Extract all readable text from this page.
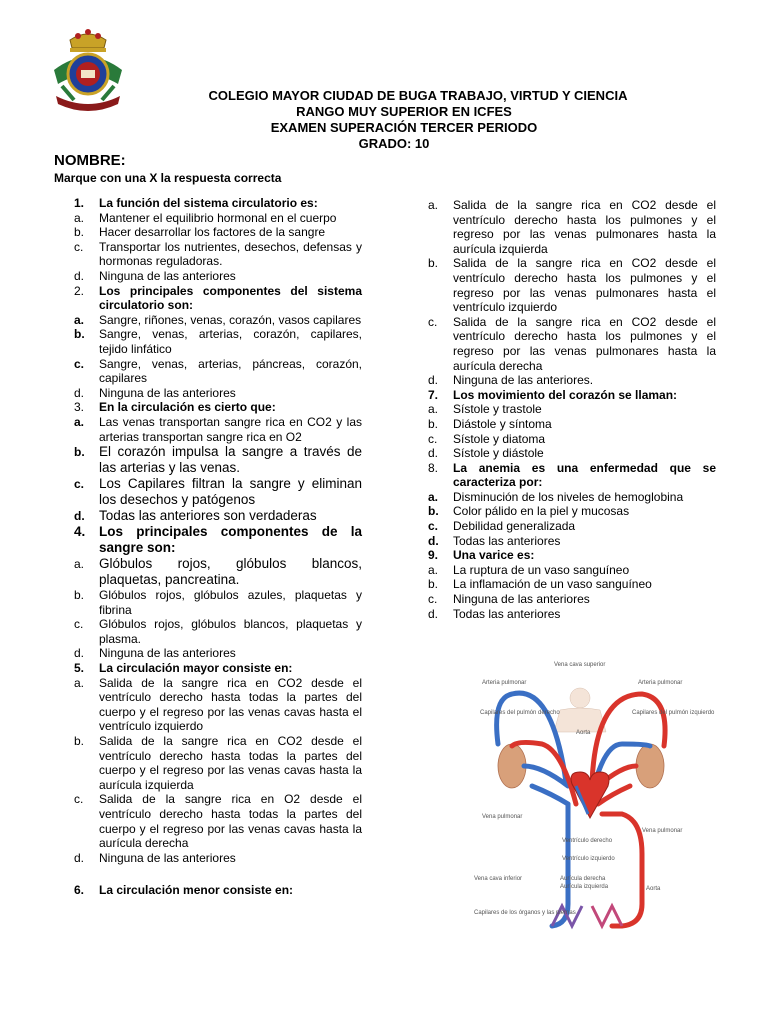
COLEGIO MAYOR CIUDAD DE BUGA TRABAJO, VIRTUD Y CIENCIA
RANGO MUY SUPERIOR EN ICFES
EXAMEN SUPERACIÓN TERCER PERIODO
GRADO: 10
NOMBRE:
Marque con una X la respuesta correcta
1. La función del sistema circulatorio es:
a. Mantener el equilibrio hormonal en el cuerpo
b. Hacer desarrollar los factores de la sangre
c. Transportar los nutrientes, desechos, defensas y hormonas reguladoras.
d. Ninguna de las anteriores
2. Los principales componentes del sistema circulatorio son:
a. Sangre, riñones, venas, corazón, vasos capilares
b. Sangre, venas, arterias, corazón, capilares, tejido linfático
c. Sangre, venas, arterias, páncreas, corazón, capilares
d. Ninguna de las anteriores
3. En la circulación es cierto que:
a. Las venas transportan sangre rica en CO2 y las arterias transportan sangre rica en O2
b. El corazón impulsa la sangre a través de las arterias y las venas.
c. Los Capilares filtran la sangre y eliminan los desechos y patógenos
d. Todas las anteriores son verdaderas
4. Los principales componentes de la sangre son:
a. Glóbulos rojos, glóbulos blancos, plaquetas, pancreatina.
b. Glóbulos rojos, glóbulos azules, plaquetas y fibrina
c. Glóbulos rojos, glóbulos blancos, plaquetas y plasma.
d. Ninguna de las anteriores
5. La circulación mayor consiste en:
a. Salida de la sangre rica en CO2 desde el ventrículo derecho hasta todas la partes del cuerpo y el regreso por las venas cavas hasta el ventrículo izquierdo
b. Salida de la sangre rica en CO2 desde el ventrículo derecho hasta todas la partes del cuerpo y el regreso por las venas cavas hasta la aurícula izquierda
c. Salida de la sangre rica en O2 desde el ventrículo derecho hasta todas la partes del cuerpo y el regreso por las venas cavas hasta la aurícula derecha
d. Ninguna de las anteriores
6. La circulación menor consiste en:
a. Salida de la sangre rica en CO2 desde el ventrículo derecho hasta los pulmones y el regreso por las venas pulmonares hasta la aurícula izquierda
b. Salida de la sangre rica en CO2 desde el ventrículo derecho hasta los pulmones y el regreso por las venas pulmonares hasta el ventrículo izquierdo
c. Salida de la sangre rica en CO2 desde el ventrículo derecho hasta los pulmones y el regreso por las venas pulmonares hasta la aurícula derecha
d. Ninguna de las anteriores.
7. Los movimiento del corazón se llaman:
a. Sístole y trastole
b. Diástole y síntoma
c. Sístole y diatoma
d. Sístole y diástole
8. La anemia es una enfermedad que se caracteriza por:
a. Disminución de los niveles de hemoglobina
b. Color pálido en la piel y mucosas
c. Debilidad generalizada
d. Todas las anteriores
9. Una varice es:
a. La ruptura de un vaso sanguíneo
b. La inflamación de un vaso sanguíneo
c. Ninguna de las anteriores
d. Todas las anteriores
Vena cava superior
Arteria pulmonar
Capilares del pulmón derecho
Aorta
Arteria pulmonar
Capilares del pulmón izquierdo
Vena pulmonar
Ventrículo derecho
Ventrículo izquierdo
Vena pulmonar
Vena cava inferior	Aurícula derecha
Aurícula izquierda	Aorta
Capilares de los órganos y las piernas
